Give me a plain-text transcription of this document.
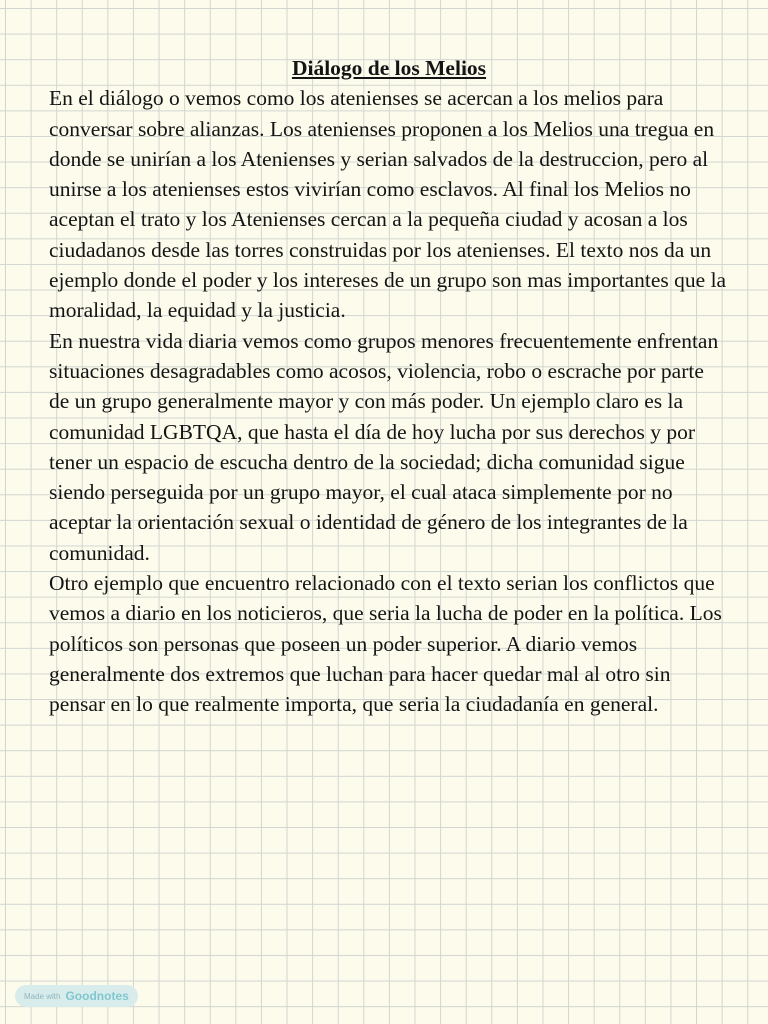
Diálogo de los Melios

En el diálogo o vemos como los atenienses se acercan a los melios para conversar sobre alianzas. Los atenienses proponen a los Melios una tregua en donde se unirían a los Atenienses y serian salvados de la destruccion, pero al unirse a los atenienses estos vivirían como esclavos. Al final los Melios no aceptan el trato y los Atenienses cercan a la pequeña ciudad y acosan a los ciudadanos desde las torres construidas por los atenienses. El texto nos da un ejemplo donde el poder y los intereses de un grupo son mas importantes que la moralidad, la equidad y la justicia.

En nuestra vida diaria vemos como grupos menores frecuentemente enfrentan situaciones desagradables como acosos, violencia, robo o escrache por parte de un grupo generalmente mayor y con más poder. Un ejemplo claro es la comunidad LGBTQA, que hasta el día de hoy lucha por sus derechos y por tener un espacio de escucha dentro de la sociedad; dicha comunidad sigue siendo perseguida por un grupo mayor, el cual ataca simplemente por no aceptar la orientación sexual o identidad de género de los integrantes de la comunidad.

Otro ejemplo que encuentro relacionado con el texto serian los conflictos que vemos a diario en los noticieros, que seria la lucha de poder en la política. Los políticos son personas que poseen un poder superior. A diario vemos generalmente dos extremos que luchan para hacer quedar mal al otro sin pensar en lo que realmente importa, que seria la ciudadanía en general.

Made with Goodnotes
